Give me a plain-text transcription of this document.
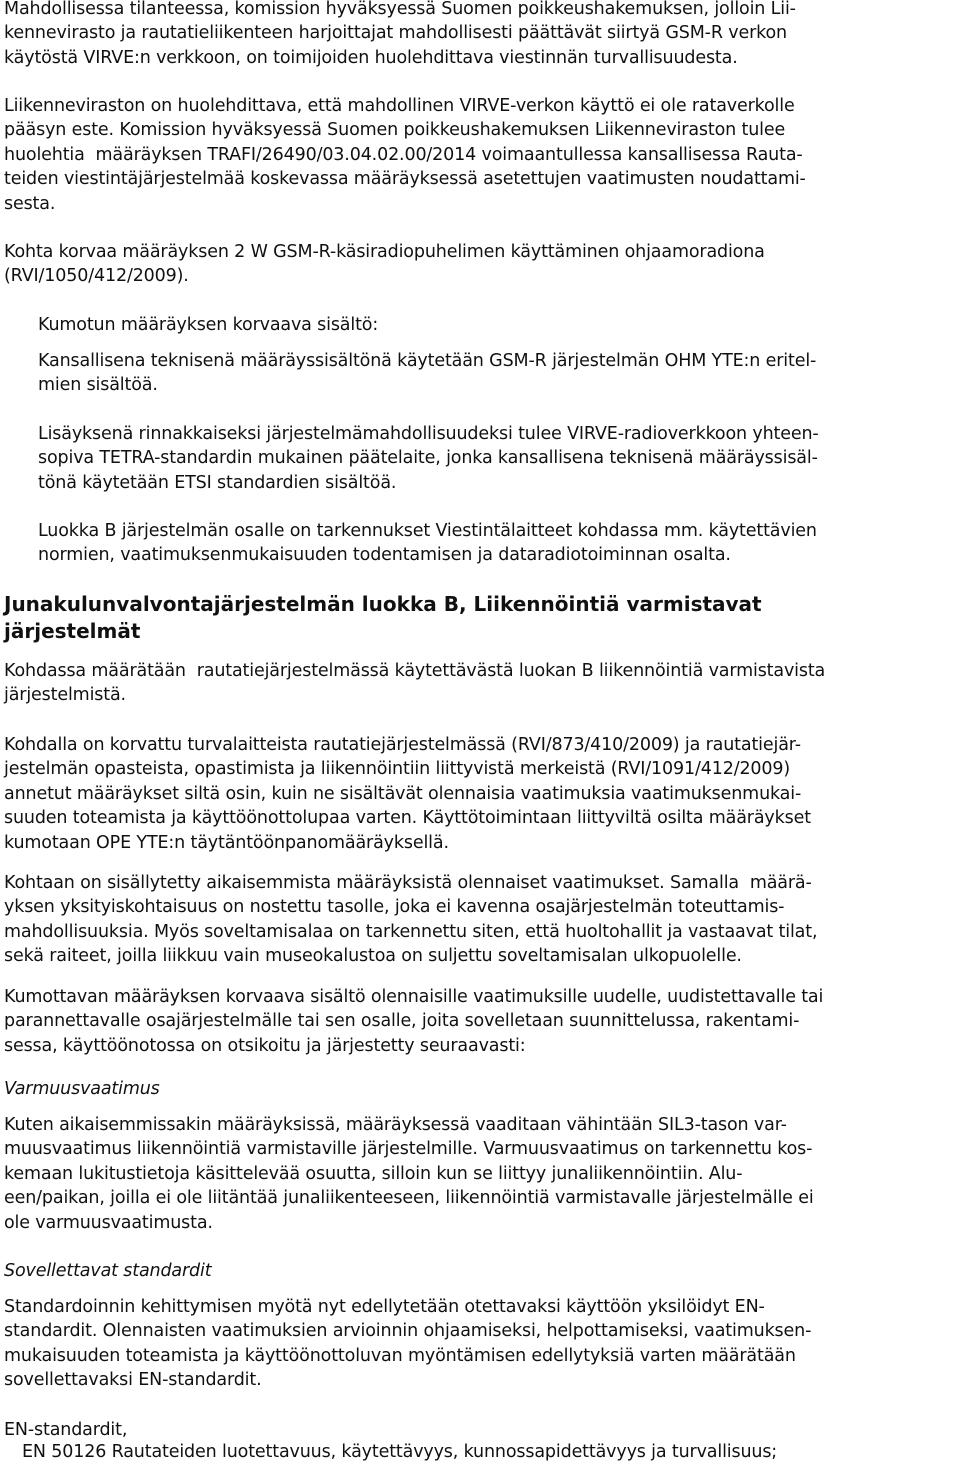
Mahdollisessa tilanteessa, komission hyväksyessä Suomen poikkeushakemuksen, jolloin Lii-
kennevirasto ja rautatieliikenteen harjoittajat mahdollisesti päättävät siirtyä GSM-R verkon
käytöstä VIRVE:n verkkoon, on toimijoiden huolehdittava viestinnän turvallisuudesta.

Liikenneviraston on huolehdittava, että mahdollinen VIRVE-verkon käyttö ei ole rataverkolle
pääsyn este. Komission hyväksyessä Suomen poikkeushakemuksen Liikenneviraston tulee
huolehtia  määräyksen TRAFI/26490/03.04.02.00/2014 voimaantullessa kansallisessa Rauta-
teiden viestintäjärjestelmää koskevassa määräyksessä asetettujen vaatimusten noudattami-
sesta.

Kohta korvaa määräyksen 2 W GSM-R-käsiradiopuhelimen käyttäminen ohjaamoradiona
(RVI/1050/412/2009).

Kumotun määräyksen korvaava sisältö:

Kansallisena teknisenä määräyssisältönä käytetään GSM-R järjestelmän OHM YTE:n eritel-
mien sisältöä.

Lisäyksenä rinnakkaiseksi järjestelmämahdollisuudeksi tulee VIRVE-radioverkkoon yhteen-
sopiva TETRA-standardin mukainen päätelaite, jonka kansallisena teknisenä määräyssisäl-
tönä käytetään ETSI standardien sisältöä.

Luokka B järjestelmän osalle on tarkennukset Viestintälaitteet kohdassa mm. käytettävien
normien, vaatimuksenmukaisuuden todentamisen ja dataradiotoiminnan osalta.

Junakulunvalvontajärjestelmän luokka B, Liikennöintiä varmistavat
järjestelmät

Kohdassa määrätään  rautatiejärjestelmässä käytettävästä luokan B liikennöintiä varmistavista
järjestelmistä.

Kohdalla on korvattu turvalaitteista rautatiejärjestelmässä (RVI/873/410/2009) ja rautatiejär-
jestelmän opasteista, opastimista ja liikennöintiin liittyvistä merkeistä (RVI/1091/412/2009)
annetut määräykset siltä osin, kuin ne sisältävät olennaisia vaatimuksia vaatimuksenmukai-
suuden toteamista ja käyttöönottolupaa varten. Käyttötoimintaan liittyviltä osilta määräykset
kumotaan OPE YTE:n täytäntöönpanomääräyksellä.

Kohtaan on sisällytetty aikaisemmista määräyksistä olennaiset vaatimukset. Samalla  määrä-
yksen yksityiskohtaisuus on nostettu tasolle, joka ei kavenna osajärjestelmän toteuttamis-
mahdollisuuksia. Myös soveltamisalaa on tarkennettu siten, että huoltohallit ja vastaavat tilat,
sekä raiteet, joilla liikkuu vain museokalustoa on suljettu soveltamisalan ulkopuolelle.

Kumottavan määräyksen korvaava sisältö olennaisille vaatimuksille uudelle, uudistettavalle tai
parannettavalle osajärjestelmälle tai sen osalle, joita sovelletaan suunnittelussa, rakentami-
sessa, käyttöönotossa on otsikoitu ja järjestetty seuraavasti:

Varmuusvaatimus

Kuten aikaisemmissakin määräyksissä, määräyksessä vaaditaan vähintään SIL3-tason var-
muusvaatimus liikennöintiä varmistaville järjestelmille. Varmuusvaatimus on tarkennettu kos-
kemaan lukitustietoja käsittelevää osuutta, silloin kun se liittyy junaliikennöintiin. Alu-
een/paikan, joilla ei ole liitäntää junaliikenteeseen, liikennöintiä varmistavalle järjestelmälle ei
ole varmuusvaatimusta.

Sovellettavat standardit

Standardoinnin kehittymisen myötä nyt edellytetään otettavaksi käyttöön yksilöidyt EN-
standardit. Olennaisten vaatimuksien arvioinnin ohjaamiseksi, helpottamiseksi, vaatimuksen-
mukaisuuden toteamista ja käyttöönottoluvan myöntämisen edellytyksiä varten määrätään
sovellettavaksi EN-standardit.

EN-standardit,

EN 50126 Rautateiden luotettavuus, käytettävyys, kunnossapidettävyys ja turvallisuus;
